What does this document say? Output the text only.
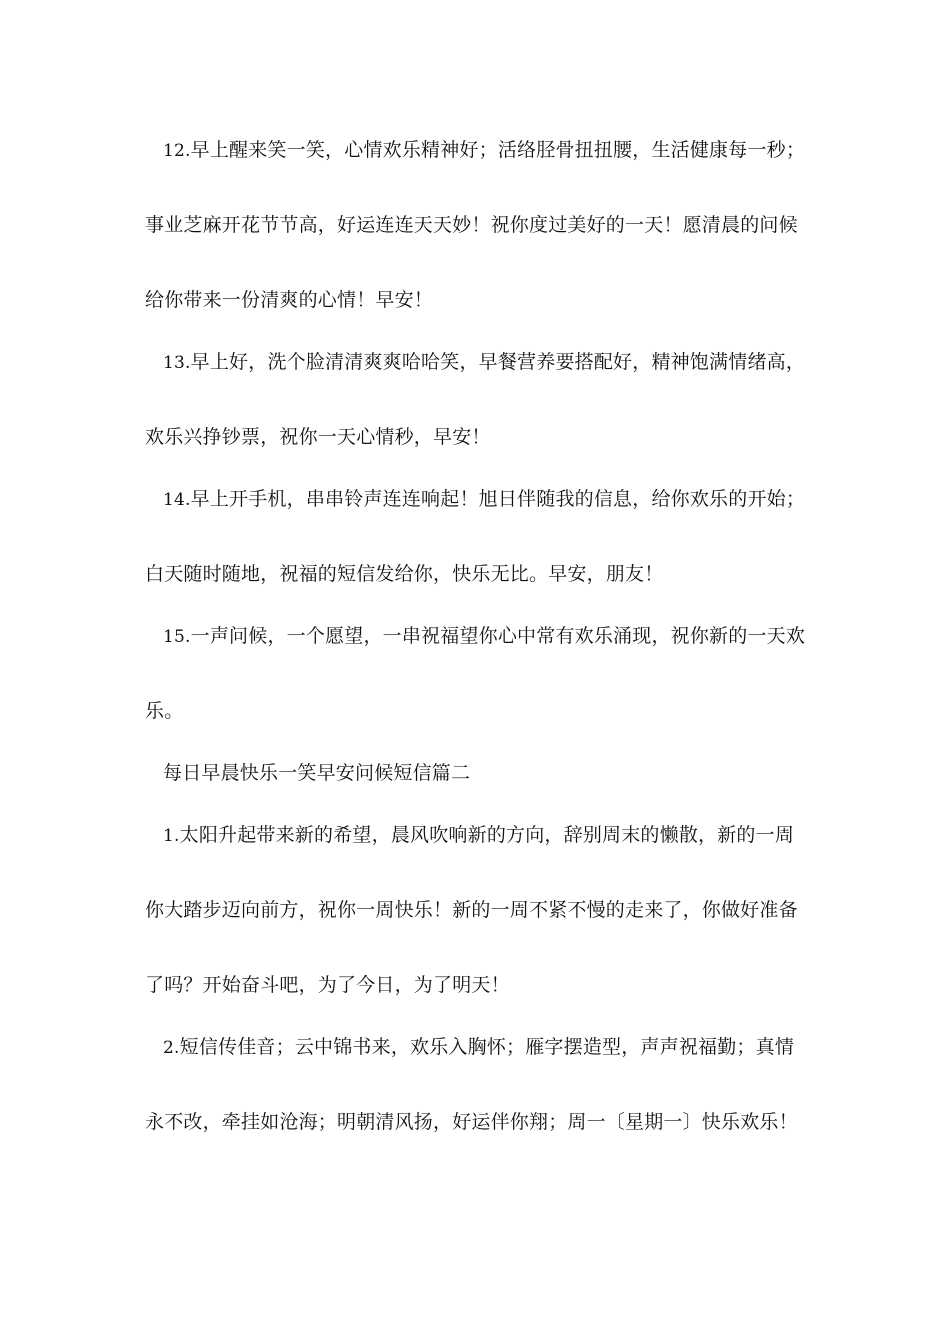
12.早上醒来笑一笑，心情欢乐精神好；活络胫骨扭扭腰，生活健康每一秒；
事业芝麻开花节节高，好运连连天天妙！祝你度过美好的一天！愿清晨的问候
给你带来一份清爽的心情！早安！
13.早上好，洗个脸清清爽爽哈哈笑，早餐营养要搭配好，精神饱满情绪高，
欢乐兴挣钞票，祝你一天心情秒，早安！
14.早上开手机，串串铃声连连响起！旭日伴随我的信息，给你欢乐的开始；
白天随时随地，祝福的短信发给你，快乐无比。早安，朋友！
15.一声问候，一个愿望，一串祝福望你心中常有欢乐涌现，祝你新的一天欢
乐。
每日早晨快乐一笑早安问候短信篇二
1.太阳升起带来新的希望，晨风吹响新的方向，辞别周末的懒散，新的一周
你大踏步迈向前方，祝你一周快乐！新的一周不紧不慢的走来了，你做好准备
了吗？开始奋斗吧，为了今日，为了明天！
2.短信传佳音；云中锦书来，欢乐入胸怀；雁字摆造型，声声祝福勤；真情
永不改，牵挂如沧海；明朝清风扬，好运伴你翔；周一〔星期一〕快乐欢乐！
